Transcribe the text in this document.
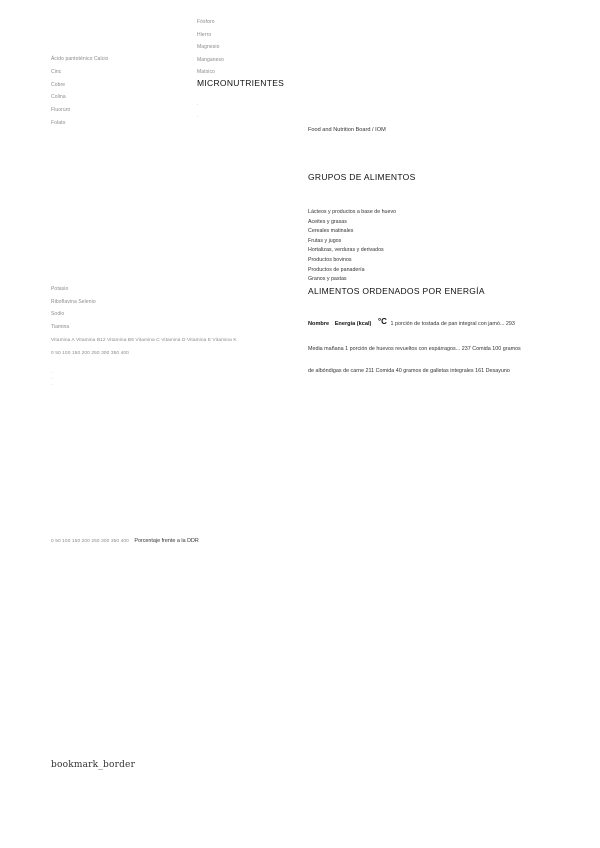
Fósforo
Hierro
Magnesio
Manganeso
Matsico
Ácido pantoténico Calcio
Cinc
Cobre
Colina
Fluoruro
Folato
MICRONUTRIENTES
.
.
Food and Nutrition Board / IOM
GRUPOS DE ALIMENTOS
Lácteos y productos a base de huevo
Aceites y grasas
Cereales matinales
Frutas y jugos
Hortalizas, verduras y derivados
Productos bovinos
Productos de panadería
Granos y pastas
ALIMENTOS ORDENADOS POR ENERGÍA
Nombre Energía (kcal) °C 1 porción de tostada de pan integral con jamó... 293
Media mañana 1 porción de huevos revueltos con espárragos... 237 Comida 100 gramos
de albóndigas de carne 211 Comida 40 gramos de galletas integrales 161 Desayuno
Potasio
Riboflavina Selenio
Sodio
Tiamina
Vitamina A Vitamina B12 Vitamina B6 Vitamina C Vitamina D Vitamina E Vitamina K
0 50 100 150 200 250 300 350 400
.
.
.
0 50 100 150 200 250 300 350 400 Porcentaje frente a la DDR
bookmark_border
